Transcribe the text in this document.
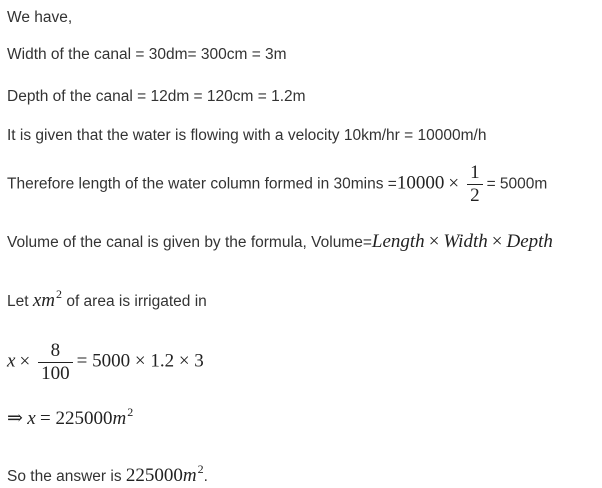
We have,
Width of the canal = 30dm= 300cm = 3m
Depth of the canal = 12dm = 120cm = 1.2m
It is given that the water is flowing with a velocity 10km/hr = 10000m/h
Therefore length of the water column formed in $30\min s =10000 \times \frac{1}{2} = 5000m$
Volume of the canal is given by the formula, Volume=Length × Width × Depth
Let $xm^2$ of area is irrigated in
$x \times \frac{8}{100} = 5000 \times 1.2 \times 3$
⇒ $x = 225000m^2$
So the answer is $225000m^2$.
